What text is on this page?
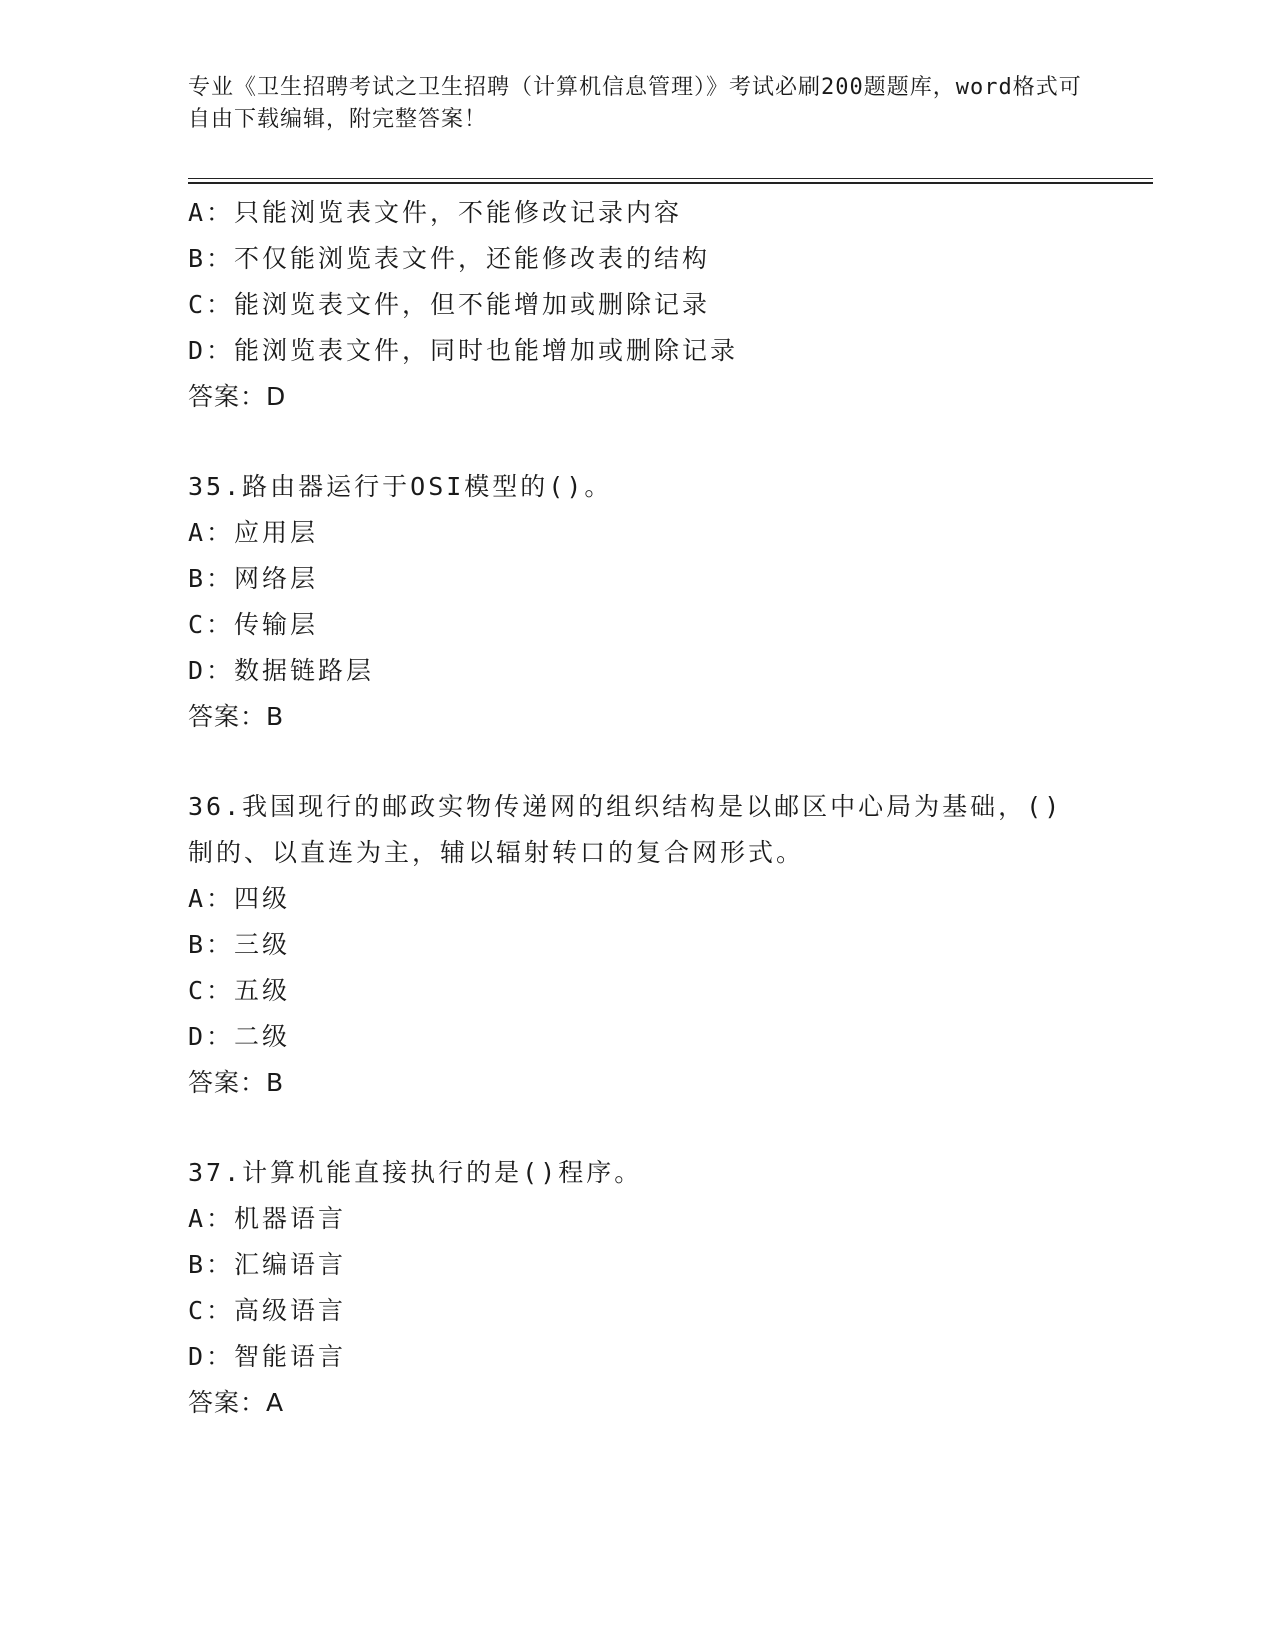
专业《卫生招聘考试之卫生招聘（计算机信息管理）》考试必刷200题题库，word格式可自由下载编辑，附完整答案！

A：只能浏览表文件，不能修改记录内容

B：不仅能浏览表文件，还能修改表的结构

C：能浏览表文件，但不能增加或删除记录

D：能浏览表文件，同时也能增加或删除记录

答案：D

35.路由器运行于OSI模型的()。

A：应用层

B：网络层

C：传输层

D：数据链路层

答案：B

36.我国现行的邮政实物传递网的组织结构是以邮区中心局为基础，()制的、以直连为主，辅以辐射转口的复合网形式。

A：四级

B：三级

C：五级

D：二级

答案：B

37.计算机能直接执行的是()程序。

A：机器语言

B：汇编语言

C：高级语言

D：智能语言

答案：A
